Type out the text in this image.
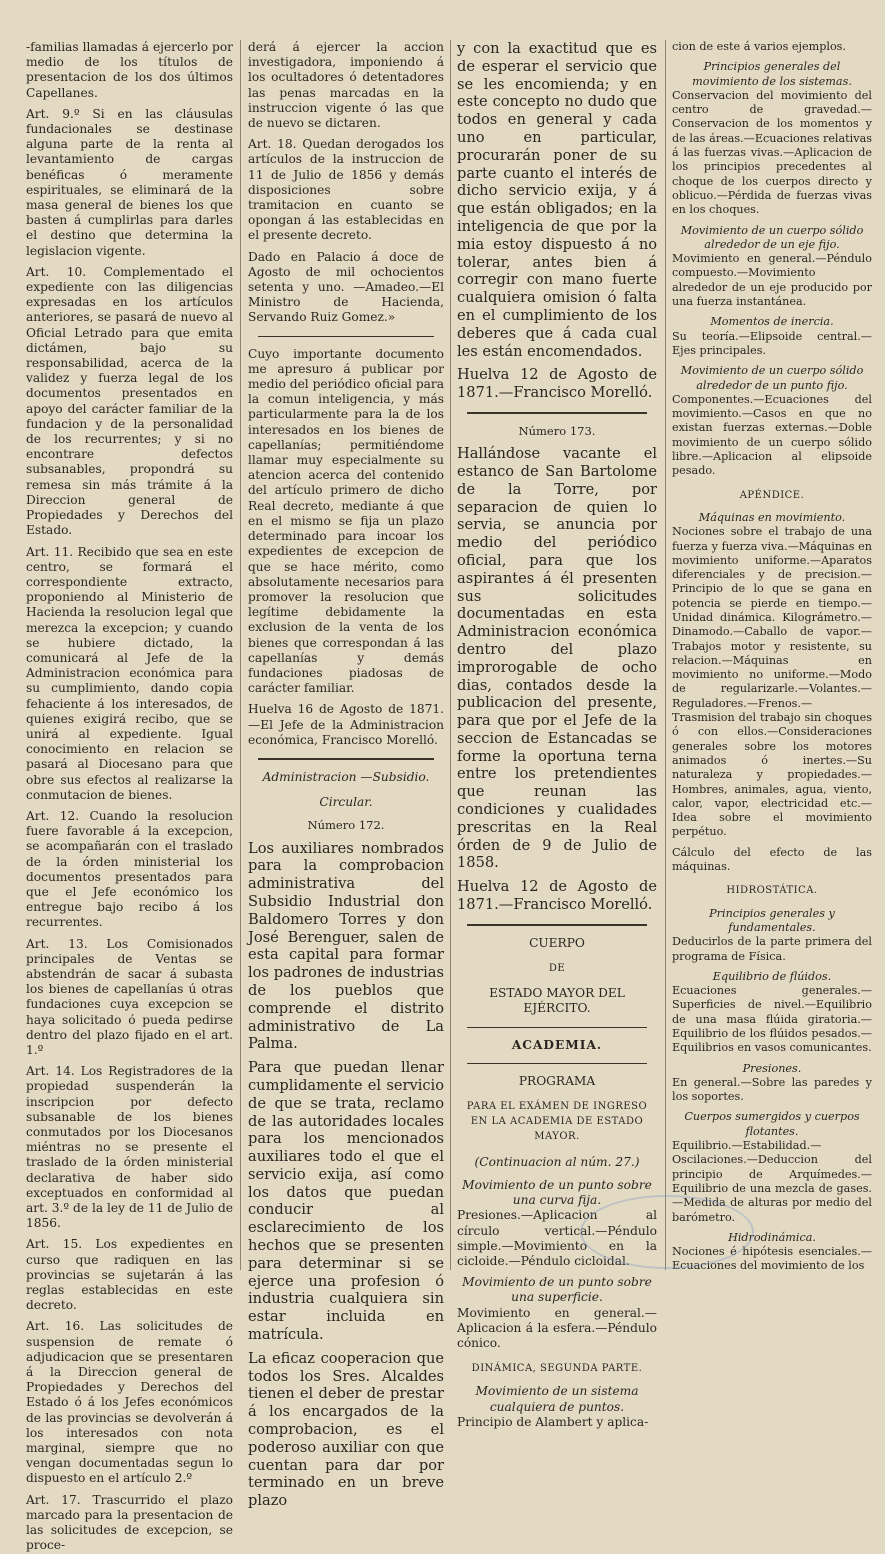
-familias llamadas á ejercerlo por medio de los títulos de presentacion de los dos últimos Capellanes.

Art. 9.º Si en las cláusulas fundacionales se destinase alguna parte de la renta al levantamiento de cargas benéficas ó meramente espirituales, se eliminará de la masa general de bienes los que basten á cumplirlas para darles el destino que determina la legislacion vigente.

Art. 10. Complementado el expediente con las diligencias expresadas en los artículos anteriores, se pasará de nuevo al Oficial Letrado para que emita dictámen, bajo su responsabilidad, acerca de la validez y fuerza legal de los documentos presentados en apoyo del carácter familiar de la fundacion y de la personalidad de los recurrentes; y si no encontrare defectos subsanables, propondrá su remesa sin más trámite á la Direccion general de Propiedades y Derechos del Estado.

Art. 11. Recibido que sea en este centro, se formará el correspondiente extracto, proponiendo al Ministerio de Hacienda la resolucion legal que merezca la excepcion; y cuando se hubiere dictado, la comunicará al Jefe de la Administracion económica para su cumplimiento, dando copia fehaciente á los interesados, de quienes exigirá recibo, que se unirá al expediente. Igual conocimiento en relacion se pasará al Diocesano para que obre sus efectos al realizarse la conmutacion de bienes.

Art. 12. Cuando la resolucion fuere favorable á la excepcion, se acompañarán con el traslado de la órden ministerial los documentos presentados para que el Jefe económico los entregue bajo recibo á los recurrentes.

Art. 13. Los Comisionados principales de Ventas se abstendrán de sacar á subasta los bienes de capellanías ú otras fundaciones cuya excepcion se haya solicitado ó pueda pedirse dentro del plazo fijado en el art. 1.º

Art. 14. Los Registradores de la propiedad suspenderán la inscripcion por defecto subsanable de los bienes conmutados por los Diocesanos miéntras no se presente el traslado de la órden ministerial declarativa de haber sido exceptuados en conformidad al art. 3.º de la ley de 11 de Julio de 1856.

Art. 15. Los expedientes en curso que radiquen en las provincias se sujetarán á las reglas establecidas en este decreto.

Art. 16. Las solicitudes de suspension de remate ó adjudicacion que se presentaren á la Direccion general de Propiedades y Derechos del Estado ó á los Jefes económicos de las provincias se devolverán á los interesados con nota marginal, siempre que no vengan documentadas segun lo dispuesto en el artículo 2.º

Art. 17. Trascurrido el plazo marcado para la presentacion de las solicitudes de excepcion, se proce-

derá á ejercer la accion investigadora, imponiendo á los ocultadores ó detentadores las penas marcadas en la instruccion vigente ó las que de nuevo se dictaren.

Art. 18. Quedan derogados los artículos de la instruccion de 11 de Julio de 1856 y demás disposiciones sobre tramitacion en cuanto se opongan á las establecidas en el presente decreto.

Dado en Palacio á doce de Agosto de mil ochocientos setenta y uno. —Amadeo.—El Ministro de Hacienda, Servando Ruiz Gomez.»

Cuyo importante documento me apresuro á publicar por medio del periódico oficial para la comun inteligencia, y más particularmente para la de los interesados en los bienes de capellanías; permitiéndome llamar muy especialmente su atencion acerca del contenido del artículo primero de dicho Real decreto, mediante á que en el mismo se fija un plazo determinado para incoar los expedientes de excepcion de que se hace mérito, como absolutamente necesarios para promover la resolucion que legítime debidamente la exclusion de la venta de los bienes que correspondan á las capellanías y demás fundaciones piadosas de carácter familiar.

Huelva 16 de Agosto de 1871. —El Jefe de la Administracion económica, Francisco Morelló.

Administracion —Subsidio.
Circular.
Número 172.

Los auxiliares nombrados para la comprobacion administrativa del Subsidio Industrial don Baldomero Torres y don José Berenguer, salen de esta capital para formar los padrones de industrias de los pueblos que comprende el distrito administrativo de La Palma.

Para que puedan llenar cumplidamente el servicio de que se trata, reclamo de las autoridades locales para los mencionados auxiliares todo el que el servicio exija, así como los datos que puedan conducir al esclarecimiento de los hechos que se presenten para determinar si se ejerce una profesion ó industria cualquiera sin estar incluida en matrícula.

La eficaz cooperacion que todos los Sres. Alcaldes tienen el deber de prestar á los encargados de la comprobacion, es el poderoso auxiliar con que cuentan para dar por terminado en un breve plazo

y con la exactitud que es de esperar el servicio que se les encomienda; y en este concepto no dudo que todos en general y cada uno en particular, procurarán poner de su parte cuanto el interés de dicho servicio exija, y á que están obligados; en la inteligencia de que por la mia estoy dispuesto á no tolerar, antes bien á corregir con mano fuerte cualquiera omision ó falta en el cumplimiento de los deberes que á cada cual les están encomendados.

Huelva 12 de Agosto de 1871.—Francisco Morelló.

Número 173.

Hallándose vacante el estanco de San Bartolome de la Torre, por separacion de quien lo servia, se anuncia por medio del periódico oficial, para que los aspirantes á él presenten sus solicitudes documentadas en esta Administracion económica dentro del plazo improrogable de ocho dias, contados desde la publicacion del presente, para que por el Jefe de la seccion de Estancadas se forme la oportuna terna entre los pretendientes que reunan las condiciones y cualidades prescritas en la Real órden de 9 de Julio de 1858.

Huelva 12 de Agosto de 1871.—Francisco Morelló.

CUERPO
DE
ESTADO MAYOR DEL EJÉRCITO.
ACADEMIA.
PROGRAMA
PARA EL EXÁMEN DE INGRESO EN LA ACADEMIA DE ESTADO MAYOR.
(Continuacion al núm. 27.)
Movimiento de un punto sobre una curva fija.

Presiones.—Aplicacion al círculo vertical.—Péndulo simple.—Movimiento en la cicloide.—Péndulo cicloidal.

Movimiento de un punto sobre una superficie.

Movimiento en general.—Aplicacion á la esfera.—Péndulo cónico.

DINÁMICA, SEGUNDA PARTE.
Movimiento de un sistema cualquiera de puntos.

Principio de Alambert y aplica-

cion de este á varios ejemplos.

Principios generales del movimiento de los sistemas.

Conservacion del movimiento del centro de gravedad.—Conservacion de los momentos y de las áreas.—Ecuaciones relativas á las fuerzas vivas.—Aplicacion de los principios precedentes al choque de los cuerpos directo y oblicuo.—Pérdida de fuerzas vivas en los choques.

Movimiento de un cuerpo sólido alrededor de un eje fijo.

Movimiento en general.—Péndulo compuesto.—Movimiento alrededor de un eje producido por una fuerza instantánea.

Momentos de inercia.

Su teoría.—Elipsoide central.—Ejes principales.

Movimiento de un cuerpo sólido alrededor de un punto fijo.

Componentes.—Ecuaciones del movimiento.—Casos en que no existan fuerzas externas.—Doble movimiento de un cuerpo sólido libre.—Aplicacion al elipsoide pesado.

APÉNDICE.
Máquinas en movimiento.

Nociones sobre el trabajo de una fuerza y fuerza viva.—Máquinas en movimiento uniforme.—Aparatos diferenciales y de precision.—Principio de lo que se gana en potencia se pierde en tiempo.—Unidad dinámica. Kilográmetro.—Dinamodo.—Caballo de vapor.—Trabajos motor y resistente, su relacion.—Máquinas en movimiento no uniforme.—Modo de regularizarle.—Volantes.—Reguladores.—Frenos.—Trasmision del trabajo sin choques ó con ellos.—Consideraciones generales sobre los motores animados ó inertes.—Su naturaleza y propiedades.—Hombres, animales, agua, viento, calor, vapor, electricidad etc.—Idea sobre el movimiento perpétuo.

Cálculo del efecto de las máquinas.

HIDROSTÁTICA.
Principios generales y fundamentales.

Deducirlos de la parte primera del programa de Física.

Equilibrio de flúidos.

Ecuaciones generales.—Superficies de nivel.—Equilibrio de una masa flúida giratoria.—Equilibrio de los flúidos pesados.—Equilibrios en vasos comunicantes.

Presiones.

En general.—Sobre las paredes y los soportes.

Cuerpos sumergidos y cuerpos flotantes.

Equilibrio.—Estabilidad.—Oscilaciones.—Deduccion del principio de Arquímedes.—Equilibrio de una mezcla de gases.—Medida de alturas por medio del barómetro.

Hidrodinámica.

Nociones é hipótesis esenciales.—Ecuaciones del movimiento de los
